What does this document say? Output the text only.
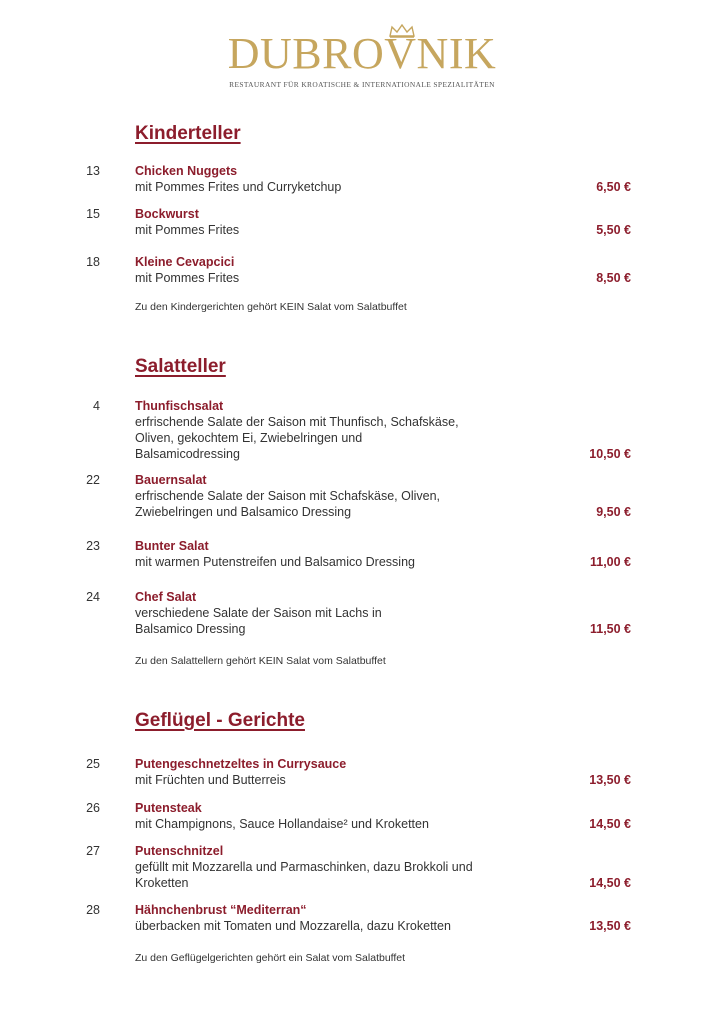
DUBROVNIK
RESTAURANT FÜR KROATISCHE & INTERNATIONALE SPEZIALITÄTEN
Kinderteller
13	Chicken Nuggets
mit Pommes Frites und Curryketchup	6,50 €
15	Bockwurst
mit Pommes Frites	5,50 €
18	Kleine Cevapcici
mit Pommes Frites	8,50 €
Zu den Kindergerichten gehört KEIN Salat vom Salatbuffet
Salatteller
4	Thunfischsalat
erfrischende Salate der Saison mit Thunfisch, Schafskäse, Oliven, gekochtem Ei, Zwiebelringen und Balsamicodressing	10,50 €
22	Bauernsalat
erfrischende Salate der Saison mit Schafskäse, Oliven, Zwiebelringen und Balsamico Dressing	9,50 €
23	Bunter Salat
mit warmen Putenstreifen und Balsamico Dressing	11,00 €
24	Chef Salat
verschiedene Salate der Saison mit Lachs in Balsamico Dressing	11,50 €
Zu den Salattellern gehört KEIN Salat vom Salatbuffet
Geflügel - Gerichte
25	Putengeschnetzeltes in Currysauce
mit Früchten und Butterreis	13,50 €
26	Putensteak
mit Champignons, Sauce Hollandaise² und Kroketten	14,50 €
27	Putenschnitzel
gefüllt mit Mozzarella und Parmaschinken, dazu Brokkoli und Kroketten	14,50 €
28	Hähnchenbrust “Mediterran“
überbacken mit Tomaten und Mozzarella, dazu Kroketten	13,50 €
Zu den Geflügelgerichten gehört ein Salat vom Salatbuffet
